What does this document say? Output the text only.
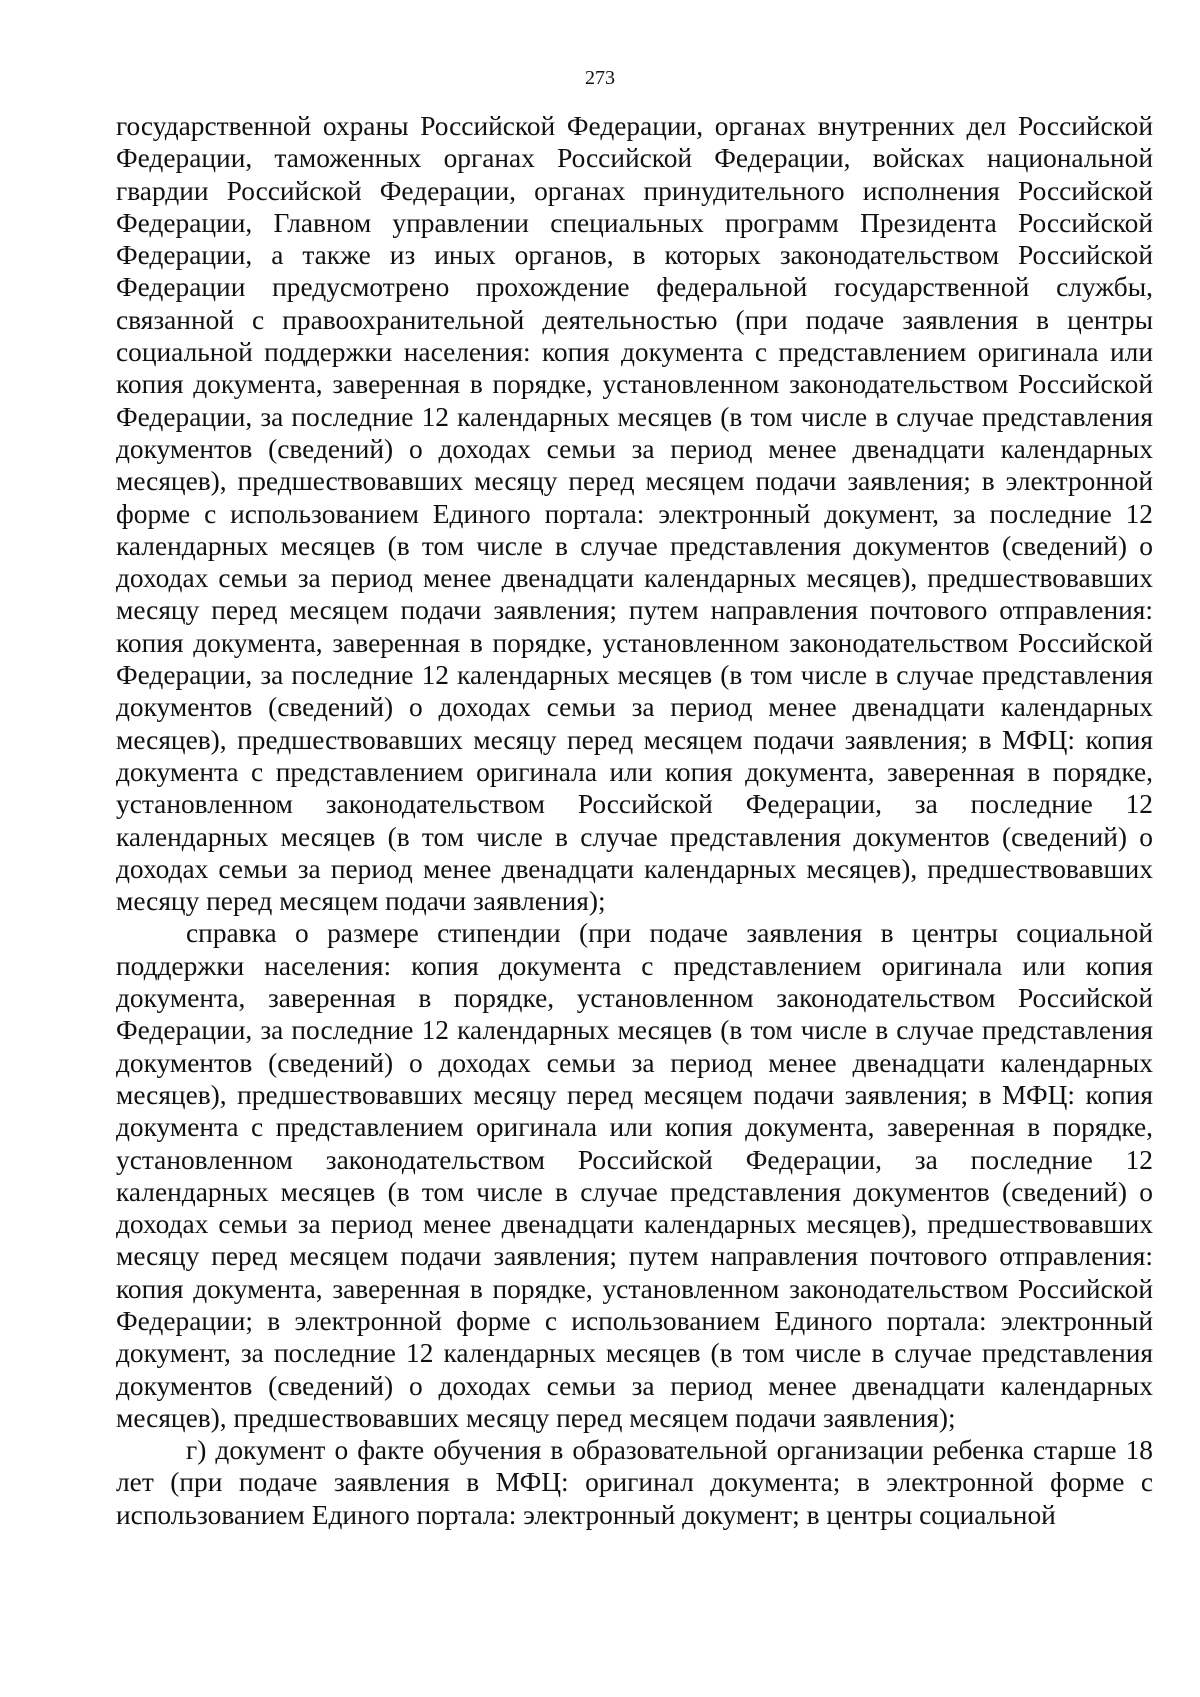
273

государственной охраны Российской Федерации, органах внутренних дел Российской Федерации, таможенных органах Российской Федерации, войсках национальной гвардии Российской Федерации, органах принудительного исполнения Российской Федерации, Главном управлении специальных программ Президента Российской Федерации, а также из иных органов, в которых законодательством Российской Федерации предусмотрено прохождение федеральной государственной службы, связанной с правоохранительной деятельностью (при подаче заявления в центры социальной поддержки населения: копия документа с представлением оригинала или копия документа, заверенная в порядке, установленном законодательством Российской Федерации, за последние 12 календарных месяцев (в том числе в случае представления документов (сведений) о доходах семьи за период менее двенадцати календарных месяцев), предшествовавших месяцу перед месяцем подачи заявления; в электронной форме с использованием Единого портала: электронный документ, за последние 12 календарных месяцев (в том числе в случае представления документов (сведений) о доходах семьи за период менее двенадцати календарных месяцев), предшествовавших месяцу перед месяцем подачи заявления; путем направления почтового отправления: копия документа, заверенная в порядке, установленном законодательством Российской Федерации, за последние 12 календарных месяцев (в том числе в случае представления документов (сведений) о доходах семьи за период менее двенадцати календарных месяцев), предшествовавших месяцу перед месяцем подачи заявления; в МФЦ: копия документа с представлением оригинала или копия документа, заверенная в порядке, установленном законодательством Российской Федерации, за последние 12 календарных месяцев (в том числе в случае представления документов (сведений) о доходах семьи за период менее двенадцати календарных месяцев), предшествовавших месяцу перед месяцем подачи заявления);

справка о размере стипендии (при подаче заявления в центры социальной поддержки населения: копия документа с представлением оригинала или копия документа, заверенная в порядке, установленном законодательством Российской Федерации, за последние 12 календарных месяцев (в том числе в случае представления документов (сведений) о доходах семьи за период менее двенадцати календарных месяцев), предшествовавших месяцу перед месяцем подачи заявления; в МФЦ: копия документа с представлением оригинала или копия документа, заверенная в порядке, установленном законодательством Российской Федерации, за последние 12 календарных месяцев (в том числе в случае представления документов (сведений) о доходах семьи за период менее двенадцати календарных месяцев), предшествовавших месяцу перед месяцем подачи заявления; путем направления почтового отправления: копия документа, заверенная в порядке, установленном законодательством Российской Федерации; в электронной форме с использованием Единого портала: электронный документ, за последние 12 календарных месяцев (в том числе в случае представления документов (сведений) о доходах семьи за период менее двенадцати календарных месяцев), предшествовавших месяцу перед месяцем подачи заявления);

г) документ о факте обучения в образовательной организации ребенка старше 18 лет (при подаче заявления в МФЦ: оригинал документа; в электронной форме с использованием Единого портала: электронный документ; в центры социальной
